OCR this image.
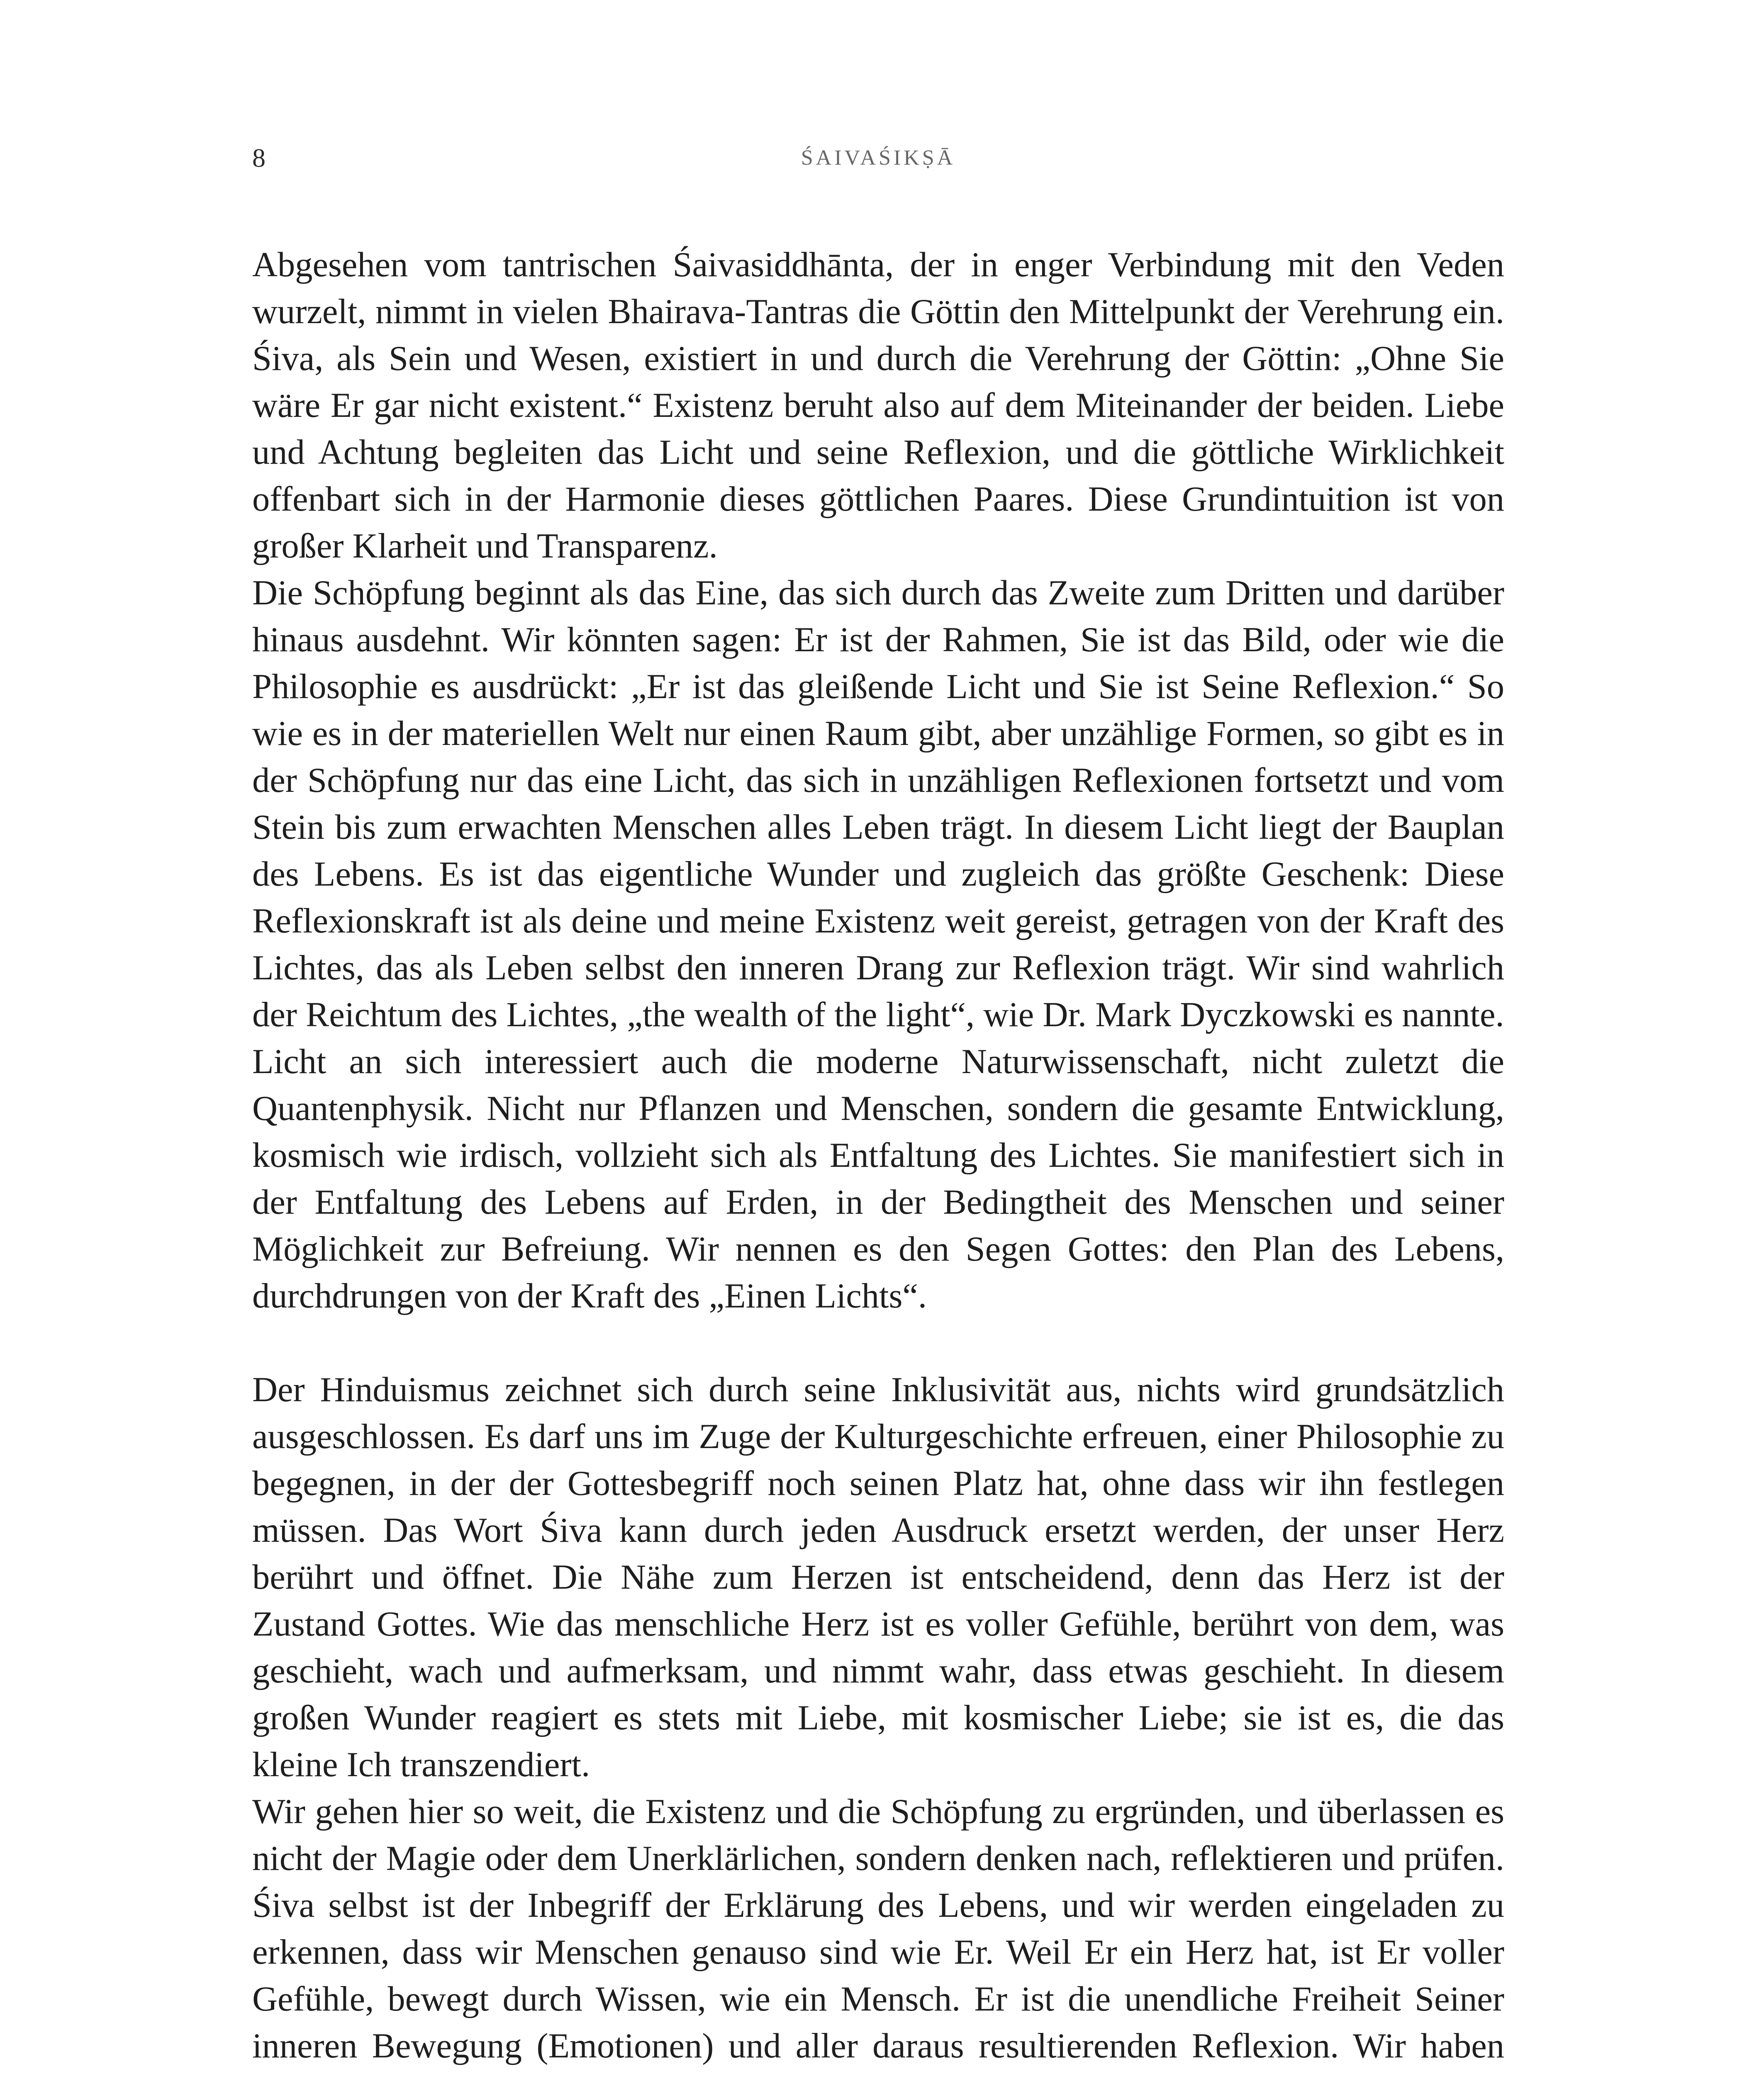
8	ŚAIVAŚIKṢĀ

Abgesehen vom tantrischen Śaivasiddhānta, der in enger Verbindung mit den Veden wurzelt, nimmt in vielen Bhairava-Tantras die Göttin den Mittelpunkt der Verehrung ein. Śiva, als Sein und Wesen, existiert in und durch die Verehrung der Göttin: „Ohne Sie wäre Er gar nicht existent.“ Existenz beruht also auf dem Miteinander der beiden. Liebe und Achtung begleiten das Licht und seine Reflexion, und die göttliche Wirklichkeit offenbart sich in der Harmonie dieses göttlichen Paares. Diese Grundintuition ist von großer Klarheit und Transparenz.

Die Schöpfung beginnt als das Eine, das sich durch das Zweite zum Dritten und darüber hinaus ausdehnt. Wir könnten sagen: Er ist der Rahmen, Sie ist das Bild, oder wie die Philosophie es ausdrückt: „Er ist das gleißende Licht und Sie ist Seine Reflexion.“ So wie es in der materiellen Welt nur einen Raum gibt, aber unzählige Formen, so gibt es in der Schöpfung nur das eine Licht, das sich in unzähligen Reflexionen fortsetzt und vom Stein bis zum erwachten Menschen alles Leben trägt. In diesem Licht liegt der Bauplan des Lebens. Es ist das eigentliche Wunder und zugleich das größte Geschenk: Diese Reflexionskraft ist als deine und meine Existenz weit gereist, getragen von der Kraft des Lichtes, das als Leben selbst den inneren Drang zur Reflexion trägt. Wir sind wahrlich der Reichtum des Lichtes, „the wealth of the light“, wie Dr. Mark Dyczkowski es nannte.

Licht an sich interessiert auch die moderne Naturwissenschaft, nicht zuletzt die Quantenphysik. Nicht nur Pflanzen und Menschen, sondern die gesamte Entwicklung, kosmisch wie irdisch, vollzieht sich als Entfaltung des Lichtes. Sie manifestiert sich in der Entfaltung des Lebens auf Erden, in der Bedingtheit des Menschen und seiner Möglichkeit zur Befreiung. Wir nennen es den Segen Gottes: den Plan des Lebens, durchdrungen von der Kraft des „Einen Lichts“.

Der Hinduismus zeichnet sich durch seine Inklusivität aus, nichts wird grundsätzlich ausgeschlossen. Es darf uns im Zuge der Kulturgeschichte erfreuen, einer Philosophie zu begegnen, in der der Gottesbegriff noch seinen Platz hat, ohne dass wir ihn festlegen müssen. Das Wort Śiva kann durch jeden Ausdruck ersetzt werden, der unser Herz berührt und öffnet. Die Nähe zum Herzen ist entscheidend, denn das Herz ist der Zustand Gottes. Wie das menschliche Herz ist es voller Gefühle, berührt von dem, was geschieht, wach und aufmerksam, und nimmt wahr, dass etwas geschieht. In diesem großen Wunder reagiert es stets mit Liebe, mit kosmischer Liebe; sie ist es, die das kleine Ich transzendiert.

Wir gehen hier so weit, die Existenz und die Schöpfung zu ergründen, und überlassen es nicht der Magie oder dem Unerklärlichen, sondern denken nach, reflektieren und prüfen. Śiva selbst ist der Inbegriff der Erklärung des Lebens, und wir werden eingeladen zu erkennen, dass wir Menschen genauso sind wie Er. Weil Er ein Herz hat, ist Er voller Gefühle, bewegt durch Wissen, wie ein Mensch. Er ist die unendliche Freiheit Seiner inneren Bewegung (Emotionen) und aller daraus resultierenden Reflexion. Wir haben
